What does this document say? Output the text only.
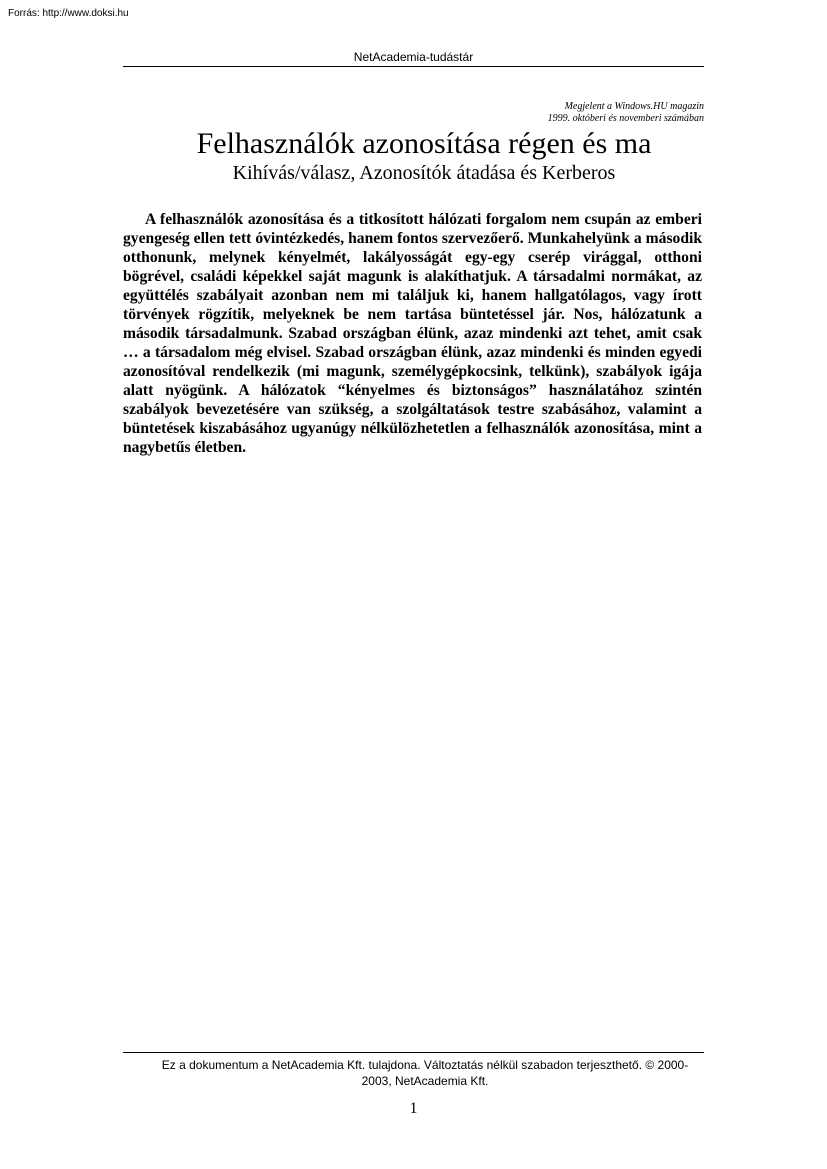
Forrás: http://www.doksi.hu
NetAcademia-tudástár
Megjelent a Windows.HU magazin
1999. októberi és novemberi számában
Felhasználók azonosítása régen és ma
Kihívás/válasz, Azonosítók átadása és Kerberos

A felhasználók azonosítása és a titkosított hálózati forgalom nem csupán az emberi gyengeség ellen tett óvintézkedés, hanem fontos szervezőerő. Munkahelyünk a második otthonunk, melynek kényelmét, lakályosságát egy-egy cserép virággal, otthoni bögrével, családi képekkel saját magunk is alakíthatjuk. A társadalmi normákat, az együttélés szabályait azonban nem mi találjuk ki, hanem hallgatólagos, vagy írott törvények rögzítik, melyeknek be nem tartása büntetéssel jár. Nos, hálózatunk a második társadalmunk. Szabad országban élünk, azaz mindenki azt tehet, amit csak … a társadalom még elvisel. Szabad országban élünk, azaz mindenki és minden egyedi azonosítóval rendelkezik (mi magunk, személygépkocsink, telkünk), szabályok igája alatt nyögünk. A hálózatok “kényelmes és biztonságos” használatához szintén szabályok bevezetésére van szükség, a szolgáltatások testre szabásához, valamint a büntetések kiszabásához ugyanúgy nélkülözhetetlen a felhasználók azonosítása, mint a nagybetűs életben.

Ez a dokumentum a NetAcademia Kft. tulajdona. Változtatás nélkül szabadon terjeszthető. © 2000-
2003, NetAcademia Kft.
1
